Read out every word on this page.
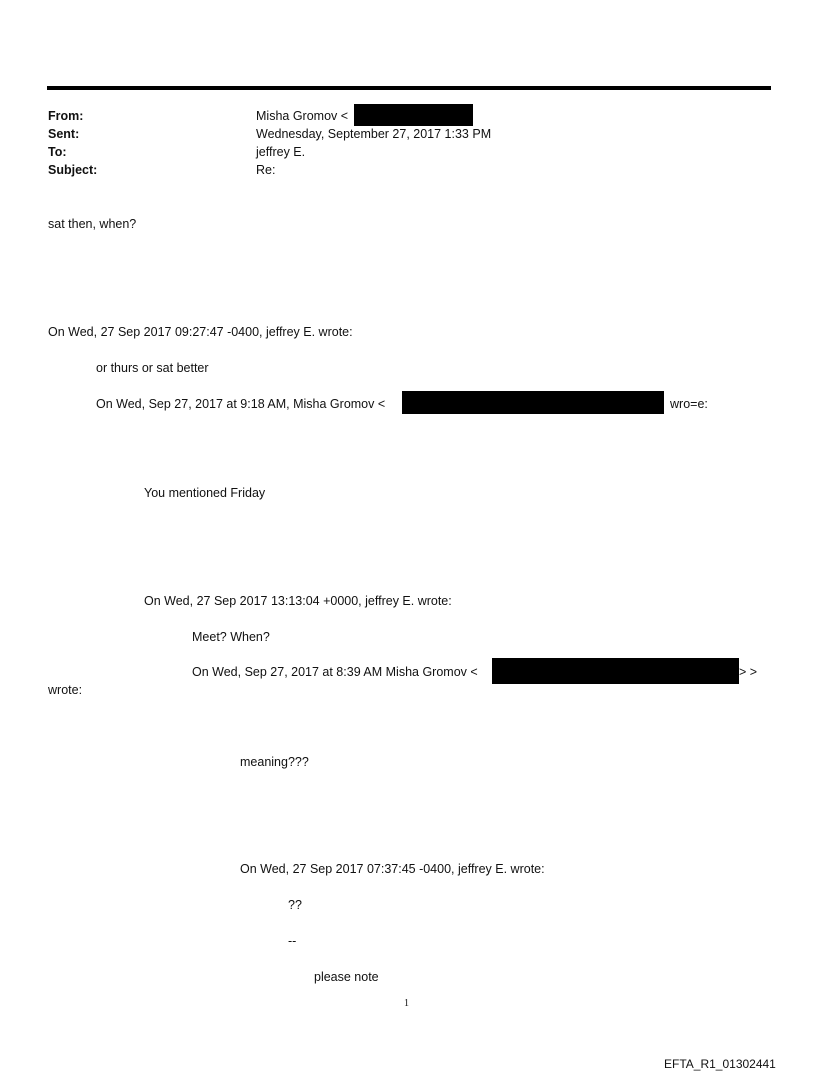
From:
Sent:
To:
Subject:
Misha Gromov <
Wednesday, September 27, 2017 1:33 PM
jeffrey E.
Re:
sat then, when?
On Wed, 27 Sep 2017 09:27:47 -0400, jeffrey E. wrote:
or thurs or sat better
On Wed, Sep 27, 2017 at 9:18 AM, Misha Gromov <	wro=e:
You mentioned Friday
On Wed, 27 Sep 2017 13:13:04 +0000, jeffrey E. wrote:
Meet? When?
On Wed, Sep 27, 2017 at 8:39 AM Misha Gromov <	> >
wrote:
meaning???
On Wed, 27 Sep 2017 07:37:45 -0400, jeffrey E. wrote:
??
--
please note
1
EFTA_R1_01302441
